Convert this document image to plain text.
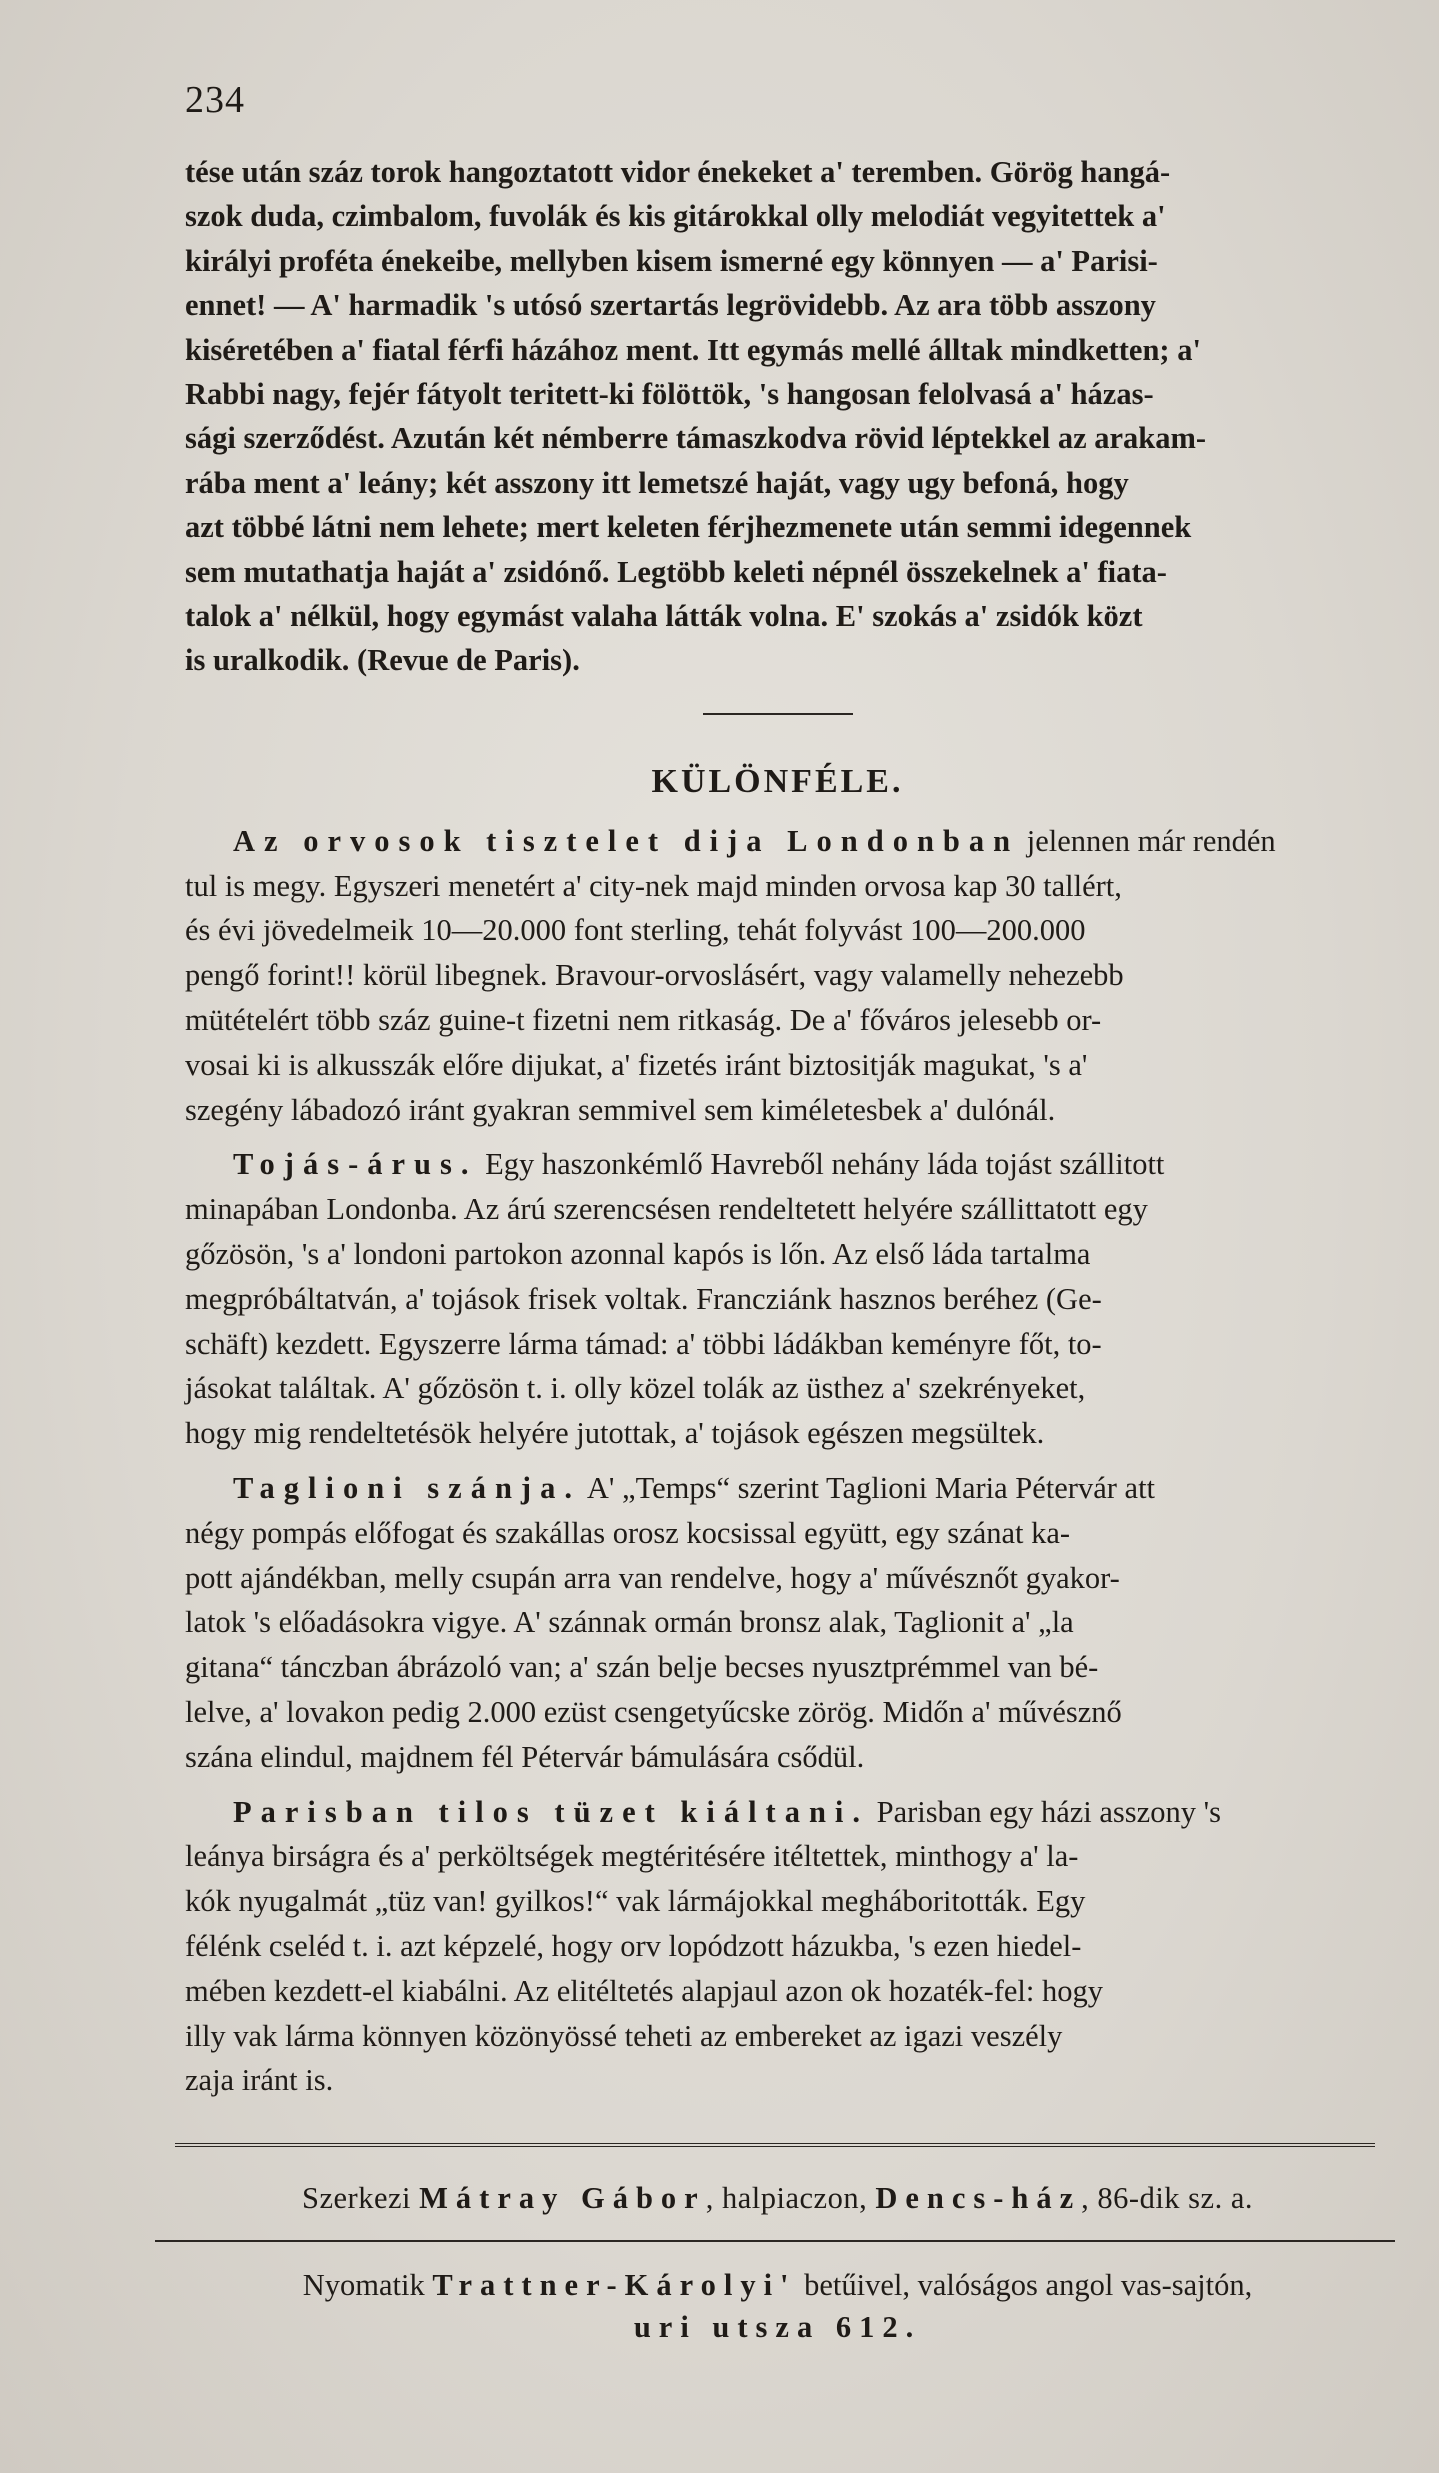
234
tése után száz torok hangoztatott vidor énekeket a' teremben. Görög hangá-
szok duda, czimbalom, fuvolák és kis gitárokkal olly melodiát vegyitettek a'
királyi proféta énekeibe, mellyben kisem ismerné egy könnyen — a' Parisi-
ennet! — A' harmadik 's utósó szertartás legrövidebb. Az ara több asszony
kiséretében a' fiatal férfi házához ment. Itt egymás mellé álltak mindketten; a'
Rabbi nagy, fejér fátyolt teritett-ki fölöttök, 's hangosan felolvasá a' házas-
sági szerződést. Azután két némberre támaszkodva rövid léptekkel az arakam-
rába ment a' leány; két asszony itt lemetszé haját, vagy ugy befoná, hogy
azt többé látni nem lehete; mert keleten férjhezmenete után semmi idegennek
sem mutathatja haját a' zsidónő. Legtöbb keleti népnél összekelnek a' fiata-
talok a' nélkül, hogy egymást valaha látták volna. E' szokás a' zsidók közt
is uralkodik. (Revue de Paris).
KÜLÖNFÉLE.
Az orvosok tisztelet dija Londonban jelennen már rendén
tul is megy. Egyszeri menetért a' city-nek majd minden orvosa kap 30 tallért,
és évi jövedelmeik 10—20.000 font sterling, tehát folyvást 100—200.000
pengő forint!! körül libegnek. Bravour-orvoslásért, vagy valamelly nehezebb
mütételért több száz guine-t fizetni nem ritkaság. De a' főváros jelesebb or-
vosai ki is alkusszák előre dijukat, a' fizetés iránt biztositják magukat, 's a'
szegény lábadozó iránt gyakran semmivel sem kiméletesbek a' dulónál.
Tojás-árus. Egy haszonkémlő Havreből nehány láda tojást szállitott
minapában Londonba. Az árú szerencsésen rendeltetett helyére szállittatott egy
gőzösön, 's a' londoni partokon azonnal kapós is lőn. Az első láda tartalma
megpróbáltatván, a' tojások frisek voltak. Francziánk hasznos beréhez (Ge-
schäft) kezdett. Egyszerre lárma támad: a' többi ládákban keményre főt, to-
jásokat találtak. A' gőzösön t. i. olly közel tolák az üsthez a' szekrényeket,
hogy mig rendeltetésök helyére jutottak, a' tojások egészen megsültek.
Taglioni szánja. A' „Temps“ szerint Taglioni Maria Pétervár att
négy pompás előfogat és szakállas orosz kocsissal együtt, egy szánat ka-
pott ajándékban, melly csupán arra van rendelve, hogy a' művésznőt gyakor-
latok 's előadásokra vigye. A' szánnak ormán bronsz alak, Taglionit a' „la
gitana“ tánczban ábrázoló van; a' szán belje becses nyusztprémmel van bé-
lelve, a' lovakon pedig 2.000 ezüst csengetyűcske zörög. Midőn a' művésznő
szána elindul, majdnem fél Pétervár bámulására csődül.
Parisban tilos tüzet kiáltani. Parisban egy házi asszony 's
leánya birságra és a' perköltségek megtéritésére itéltettek, minthogy a' la-
kók nyugalmát „tüz van! gyilkos!“ vak lármájokkal megháboritották. Egy
félénk cseléd t. i. azt képzelé, hogy orv lopódzott házukba, 's ezen hiedel-
mében kezdett-el kiabálni. Az elitéltetés alapjaul azon ok hozaték-fel: hogy
illy vak lárma könnyen közönyössé teheti az embereket az igazi veszély
zaja iránt is.
Szerkezi Mátray Gábor, halpiaczon, Dencs-ház, 86-dik sz. a.
Nyomatik Trattner-Károlyi' betűivel, valóságos angol vas-sajtón,
uri utsza 612.
